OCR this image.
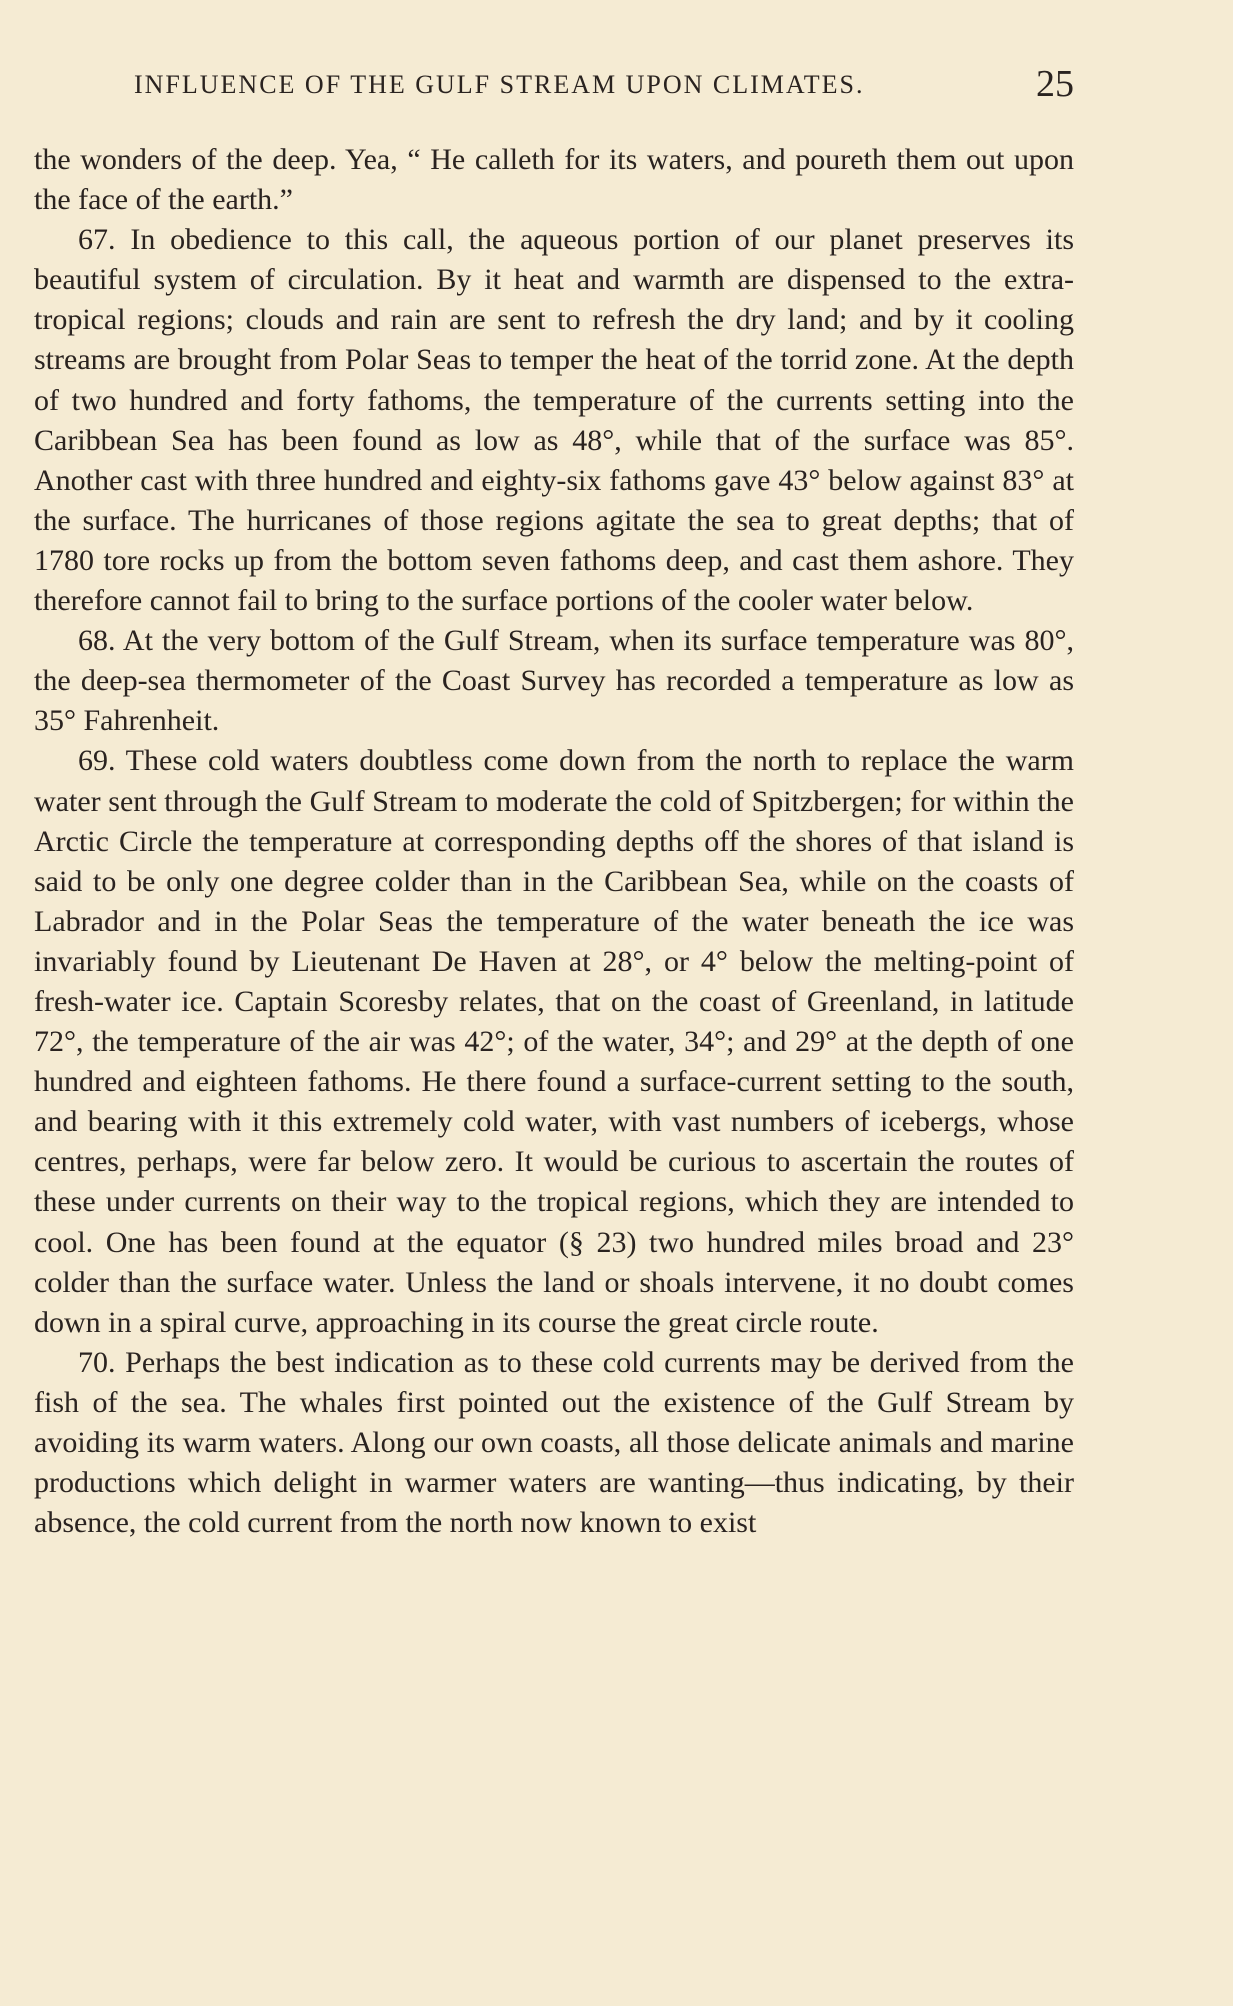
INFLUENCE OF THE GULF STREAM UPON CLIMATES.	25

the wonders of the deep. Yea, “ He calleth for its waters, and poureth them out upon the face of the earth.”

67. In obedience to this call, the aqueous portion of our planet preserves its beautiful system of circulation. By it heat and warmth are dispensed to the extra-tropical regions; clouds and rain are sent to refresh the dry land; and by it cooling streams are brought from Polar Seas to temper the heat of the torrid zone. At the depth of two hundred and forty fathoms, the temperature of the currents setting into the Caribbean Sea has been found as low as 48°, while that of the surface was 85°. Another cast with three hundred and eighty-six fathoms gave 43° below against 83° at the surface. The hurricanes of those regions agitate the sea to great depths; that of 1780 tore rocks up from the bottom seven fathoms deep, and cast them ashore. They therefore cannot fail to bring to the surface portions of the cooler water below.

68. At the very bottom of the Gulf Stream, when its surface temperature was 80°, the deep-sea thermometer of the Coast Survey has recorded a temperature as low as 35° Fahrenheit.

69. These cold waters doubtless come down from the north to replace the warm water sent through the Gulf Stream to moderate the cold of Spitzbergen; for within the Arctic Circle the temperature at corresponding depths off the shores of that island is said to be only one degree colder than in the Caribbean Sea, while on the coasts of Labrador and in the Polar Seas the temperature of the water beneath the ice was invariably found by Lieutenant De Haven at 28°, or 4° below the melting-point of fresh-water ice. Captain Scoresby relates, that on the coast of Greenland, in latitude 72°, the temperature of the air was 42°; of the water, 34°; and 29° at the depth of one hundred and eighteen fathoms. He there found a surface-current setting to the south, and bearing with it this extremely cold water, with vast numbers of icebergs, whose centres, perhaps, were far below zero. It would be curious to ascertain the routes of these under currents on their way to the tropical regions, which they are intended to cool. One has been found at the equator (§ 23) two hundred miles broad and 23° colder than the surface water. Unless the land or shoals intervene, it no doubt comes down in a spiral curve, approaching in its course the great circle route.

70. Perhaps the best indication as to these cold currents may be derived from the fish of the sea. The whales first pointed out the existence of the Gulf Stream by avoiding its warm waters. Along our own coasts, all those delicate animals and marine productions which delight in warmer waters are wanting—thus indicating, by their absence, the cold current from the north now known to exist
